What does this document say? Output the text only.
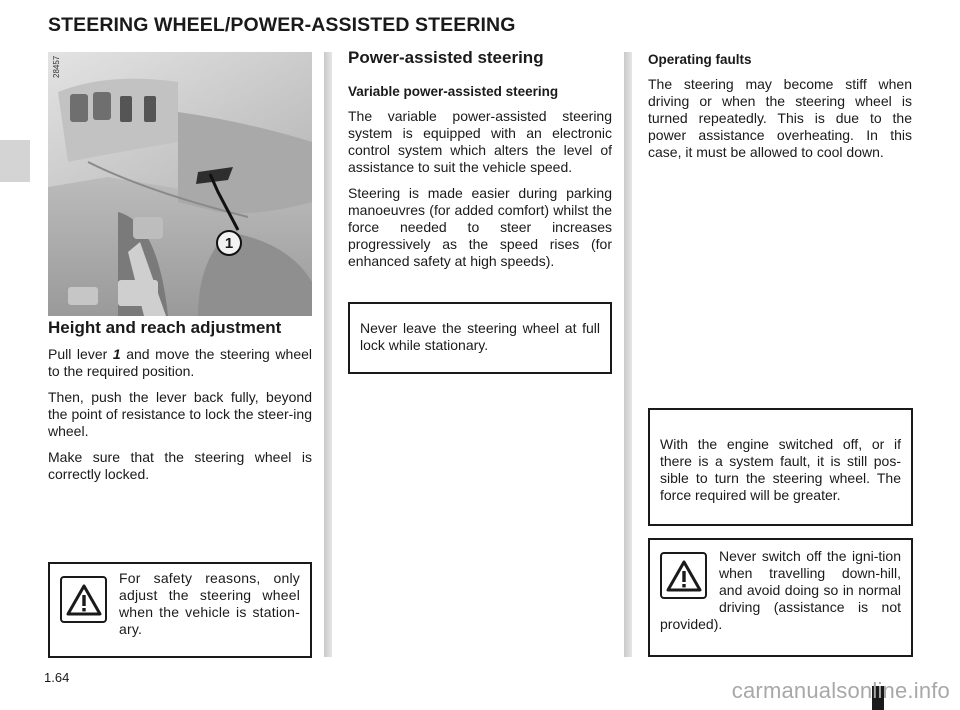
STEERING WHEEL/POWER-ASSISTED STEERING
28457
1
Height and reach adjustment

Pull lever 1 and move the steering wheel to the required position.

Then, push the lever back fully, beyond the point of resistance to lock the steer-ing wheel.

Make sure that the steering wheel is correctly locked.

Power-assisted steering
Variable power-assisted steering

The variable power-assisted steering system is equipped with an electronic control system which alters the level of assistance to suit the vehicle speed.

Steering is made easier during parking manoeuvres (for added comfort) whilst the force needed to steer increases progressively as the speed rises (for enhanced safety at high speeds).

Operating faults

The steering may become stiff when driving or when the steering wheel is turned repeatedly. This is due to the power assistance overheating. In this case, it must be allowed to cool down.

Never leave the steering wheel at full lock while stationary.

With the engine switched off, or if there is a system fault, it is still pos-sible to turn the steering wheel. The force required will be greater.

Never switch off the igni-tion when travelling down-hill, and avoid doing so in normal driving (assistance is not provided).

For safety reasons, only adjust the steering wheel when the vehicle is station-ary.

1.64
carmanualsonline.info
